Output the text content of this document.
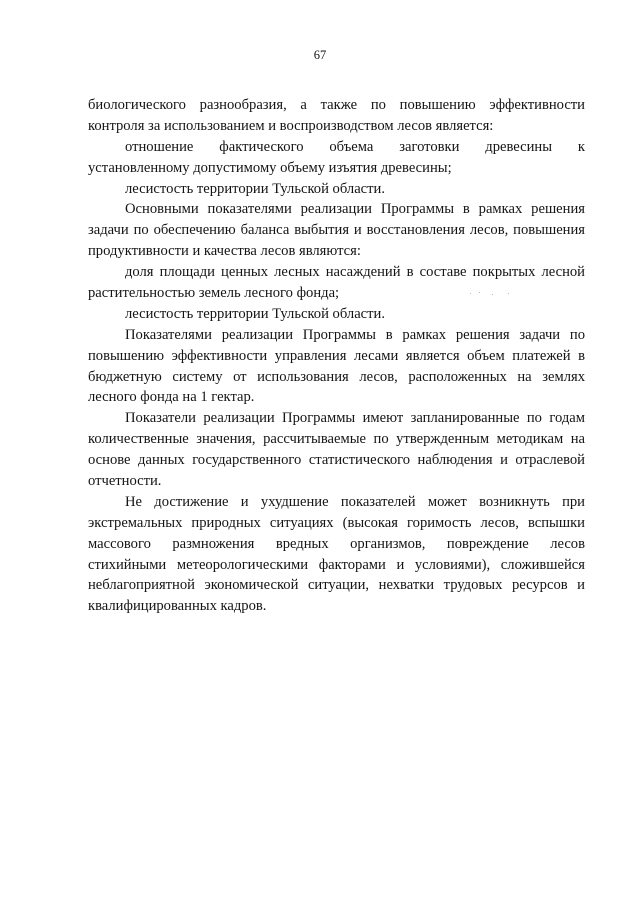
67
биологического разнообразия, а также по повышению эффективности
контроля за использованием и воспроизводством лесов является:
отношение фактического объема заготовки древесины к
установленному допустимому объему изъятия древесины;
лесистость территории Тульской области.
Основными показателями реализации Программы в рамках решения
задачи по обеспечению баланса выбытия и восстановления лесов, повышения
продуктивности и качества лесов являются:
доля площади ценных лесных насаждений в составе покрытых лесной
растительностью земель лесного фонда;
лесистость территории Тульской области.
Показателями реализации Программы в рамках решения задачи по
повышению эффективности управления лесами является объем платежей в
бюджетную систему от использования лесов, расположенных на землях
лесного фонда на 1 гектар.
Показатели реализации Программы имеют запланированные по годам
количественные значения, рассчитываемые по утвержденным методикам на
основе данных государственного статистического наблюдения и отраслевой
отчетности.
Не достижение и ухудшение показателей может возникнуть при
экстремальных природных ситуациях (высокая горимость лесов, вспышки
массового размножения вредных организмов, повреждение лесов
стихийными метеорологическими факторами и условиями), сложившейся
неблагоприятной экономической ситуации, нехватки трудовых ресурсов и
квалифицированных кадров.
